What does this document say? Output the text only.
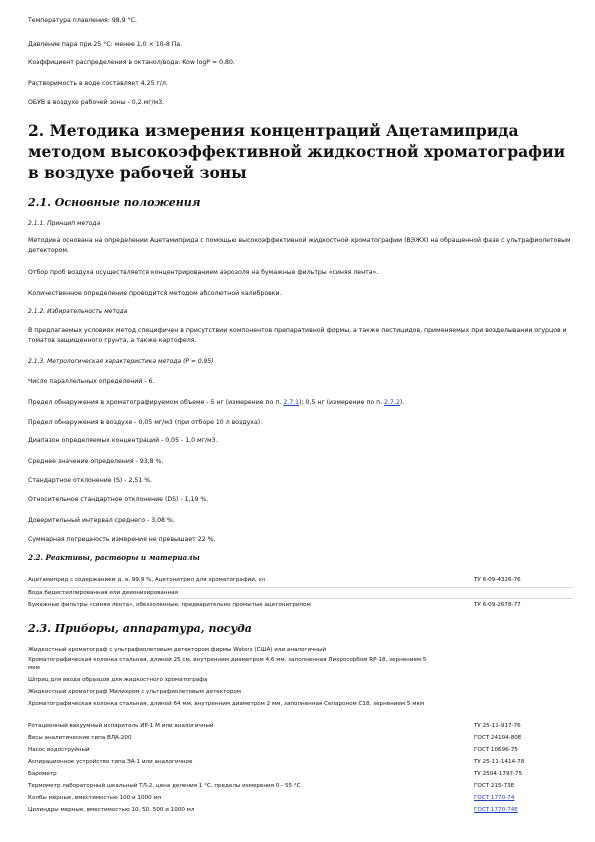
Температура плавления: 98,9 °С.
Давление пара при 25 °С: менее 1,0 × 10-8 Па.
Коэффициент распределения в октанол/вода: Kow logP = 0,80.
Растворимость в воде составляет 4,25 г/л.
ОБУВ в воздухе рабочей зоны - 0,2 мг/м3.
2. Методика измерения концентраций Ацетамиприда методом высокоэффективной жидкостной хроматографии в воздухе рабочей зоны
2.1. Основные положения
2.1.1. Принцип метода
Методика основана на определении Ацетамиприда с помощью высокоэффективной жидкостной хроматографии (ВЭЖХ) на обращенной фазе с ультрафиолетовым детектором.
Отбор проб воздуха осуществляется концентрированием аэрозоля на бумажные фильтры «синяя лента».
Количественное определение проводится методом абсолютной калибровки.
2.1.2. Избирательность метода
В предлагаемых условиях метод специфичен в присутствии компонентов препаративной формы, а также пестицидов, применяемых при возделывании огурцов и томатов защищенного грунта, а также картофеля.
2.1.3. Метрологическая характеристика метода (Р = 0,95)
Число параллельных определений - 6.
Предел обнаружения в хроматографируемом объеме - 5 нг (измерение по п. 2.7.1); 0,5 нг (измерение по п. 2.7.2).
Предел обнаружения в воздухе - 0,05 мг/м3 (при отборе 10 л воздуха).
Диапазон определяемых концентраций - 0,05 - 1,0 мг/м3.
Среднее значение определения - 93,8 %.
Стандартное отклонение (S) - 2,51 %.
Относительное стандартное отклонение (DS) - 1,19 %.
Доверительный интервал среднего - 3,08 %.
Суммарная погрешность измерения не превышает 22 %.
2.2. Реактивы, растворы и материалы
Ацетамиприд с содержанием д. в. 99,9 %, Ацетонитрил для хроматографии, хч	ТУ 6-09-4326-76
Вода бидистиллированная или деионизированная
Бумажные фильтры «синяя лента», обеззоленные, предварительно промытые ацетонитрилом	ТУ 6-09-2678-77
2.3. Приборы, аппаратура, посуда
Жидкостный хроматограф с ультрафиолетовым детектором фирмы Waters (США) или аналогичный
Хроматографическая колонка стальная, длиной 25 см, внутренним диаметром 4,6 мм, заполненная Лихросорбом RP-18, зернением 5 мкм
Шприц для ввода образцов для жидкостного хроматографа
Жидкостный хроматограф Милихром с ультрафиолетовым детектором
Хроматографическая колонка стальная, длиной 64 мм, внутренним диаметром 2 мм, заполненная Сепароном C18, зернением 5 мкм
Ротационный вакуумный испаритель ИР-1 М или аналогичный	ТУ 25-11-917-76
Весы аналитические типа ВЛА-200	ГОСТ 24104-80Е
Насос водоструйный	ГОСТ 10696-75
Аспирационное устройство типа ЭА-1 или аналогичное	ТУ 25-11-1414-78
Барометр	ТУ 2504-1797-75
Термометр лабораторный шкальный ТЛ-2, цена деления 1 °С, пределы измерения 0 - 55 °С	ГОСТ 215-73Е
Колбы мерные, вместимостью 100 и 1000 мл	ГОСТ 1770-74
Цилиндры мерные, вместимостью 10, 50, 500 и 1000 мл	ГОСТ 1770-74Е
